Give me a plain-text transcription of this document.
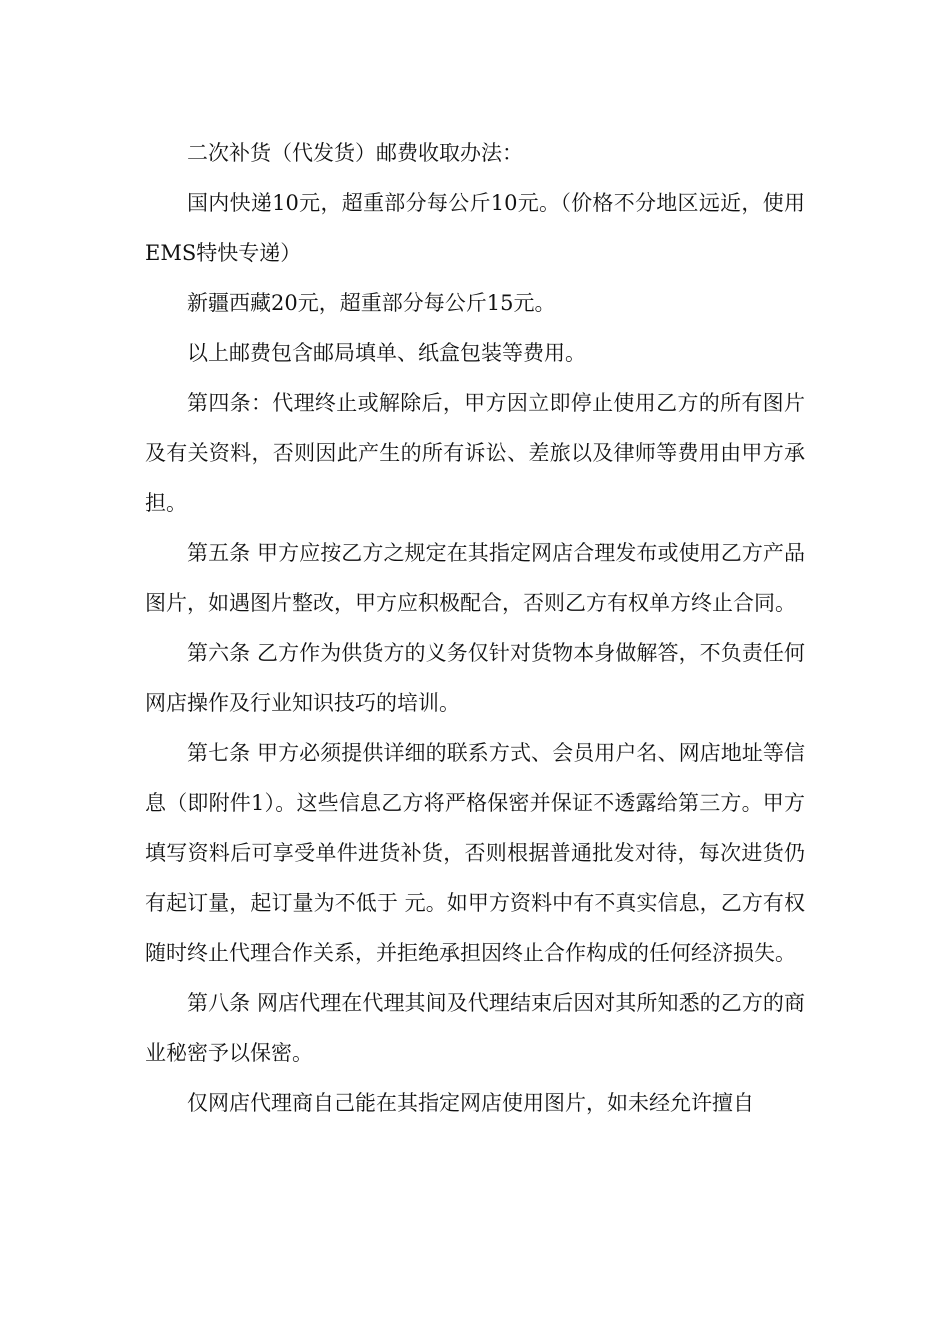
二次补货（代发货）邮费收取办法：

国内快递10元，超重部分每公斤10元。（价格不分地区远近，使用EMS特快专递）

新疆西藏20元，超重部分每公斤15元。

以上邮费包含邮局填单、纸盒包装等费用。

第四条：代理终止或解除后，甲方因立即停止使用乙方的所有图片及有关资料，否则因此产生的所有诉讼、差旅以及律师等费用由甲方承担。

第五条 甲方应按乙方之规定在其指定网店合理发布或使用乙方产品图片，如遇图片整改，甲方应积极配合，否则乙方有权单方终止合同。

第六条 乙方作为供货方的义务仅针对货物本身做解答，不负责任何网店操作及行业知识技巧的培训。

第七条 甲方必须提供详细的联系方式、会员用户名、网店地址等信息（即附件1）。这些信息乙方将严格保密并保证不透露给第三方。甲方填写资料后可享受单件进货补货，否则根据普通批发对待，每次进货仍有起订量，起订量为不低于 元。如甲方资料中有不真实信息，乙方有权随时终止代理合作关系，并拒绝承担因终止合作构成的任何经济损失。

第八条 网店代理在代理其间及代理结束后因对其所知悉的乙方的商业秘密予以保密。

仅网店代理商自己能在其指定网店使用图片，如未经允许擅自
